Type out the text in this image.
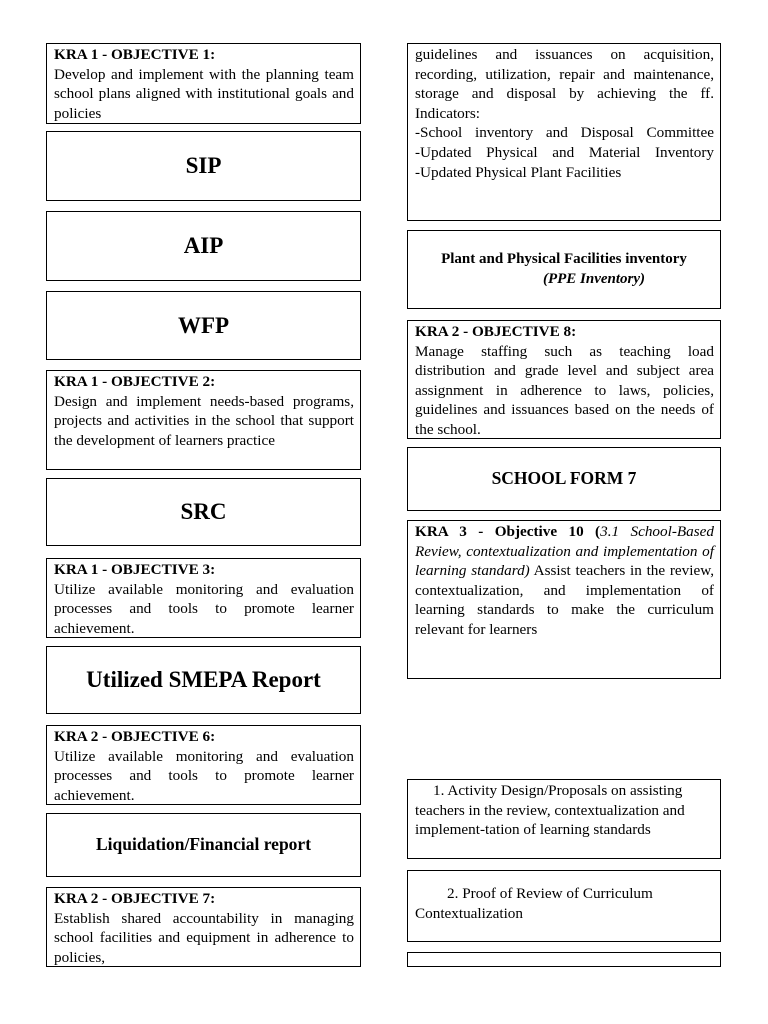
KRA 1 - OBJECTIVE 1:
Develop and implement with the planning team school plans aligned with institutional goals and policies
SIP
AIP
WFP
KRA 1 - OBJECTIVE 2:
Design and implement needs-based programs, projects and activities in the school that support the development of learners practice
SRC
KRA 1 - OBJECTIVE 3:
Utilize available monitoring and evaluation processes and tools to promote learner achievement.
Utilized SMEPA Report
KRA 2 - OBJECTIVE 6:
Utilize available monitoring and evaluation processes and tools to promote learner achievement.
Liquidation/Financial report
KRA 2 - OBJECTIVE 7:

Establish shared accountability in managing school facilities and equipment in adherence to policies,
guidelines and issuances on acquisition, recording, utilization, repair and maintenance, storage and disposal by achieving the ff. Indicators:
-School inventory and Disposal Committee
-Updated Physical and Material Inventory
-Updated Physical Plant Facilities
Plant and Physical Facilities inventory
(PPE Inventory)
KRA 2 - OBJECTIVE 8:
Manage staffing such as teaching load distribution and grade level and subject area assignment in adherence to laws, policies, guidelines and issuances based on the needs of the school.
SCHOOL FORM 7
KRA 3 - Objective 10 (3.1 School-Based Review, contextualization and implementation of learning standard) Assist teachers in the review, contextualization, and implementation of learning standards to make the curriculum relevant for learners
1. Activity Design/Proposals on assisting teachers in the review, contextualization and implement-tation of learning standards
2. Proof of Review of Curriculum Contextualization
